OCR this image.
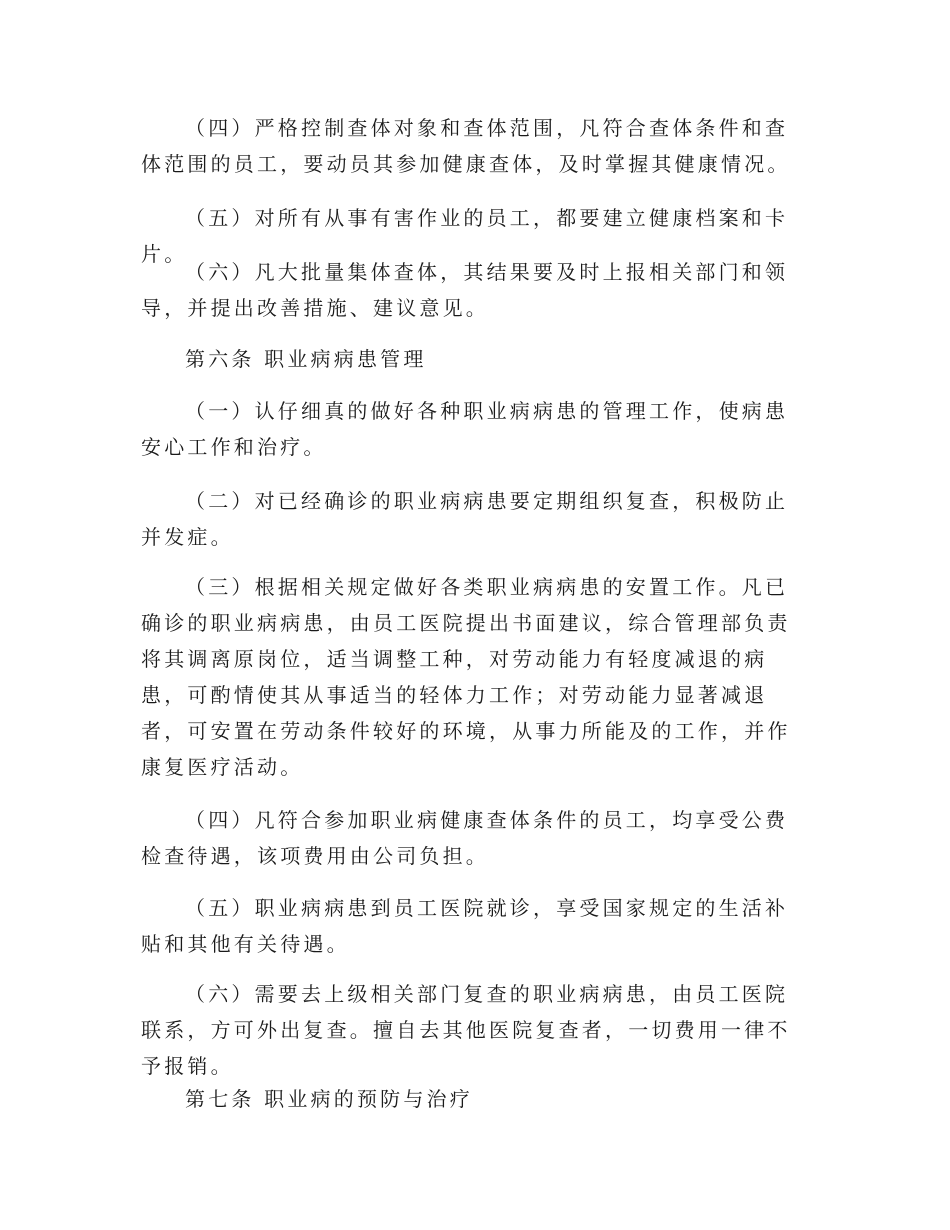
（四）严格控制查体对象和查体范围，凡符合查体条件和查体范围的员工，要动员其参加健康查体，及时掌握其健康情况。

（五）对所有从事有害作业的员工，都要建立健康档案和卡片。

（六）凡大批量集体查体，其结果要及时上报相关部门和领导，并提出改善措施、建议意见。

第六条 职业病病患管理

（一）认仔细真的做好各种职业病病患的管理工作，使病患安心工作和治疗。

（二）对已经确诊的职业病病患要定期组织复查，积极防止并发症。

（三）根据相关规定做好各类职业病病患的安置工作。凡已确诊的职业病病患，由员工医院提出书面建议，综合管理部负责将其调离原岗位，适当调整工种，对劳动能力有轻度减退的病患，可酌情使其从事适当的轻体力工作；对劳动能力显著减退者，可安置在劳动条件较好的环境，从事力所能及的工作，并作康复医疗活动。

（四）凡符合参加职业病健康查体条件的员工，均享受公费检查待遇，该项费用由公司负担。

（五）职业病病患到员工医院就诊，享受国家规定的生活补贴和其他有关待遇。

（六）需要去上级相关部门复查的职业病病患，由员工医院联系，方可外出复查。擅自去其他医院复查者，一切费用一律不予报销。

第七条 职业病的预防与治疗
